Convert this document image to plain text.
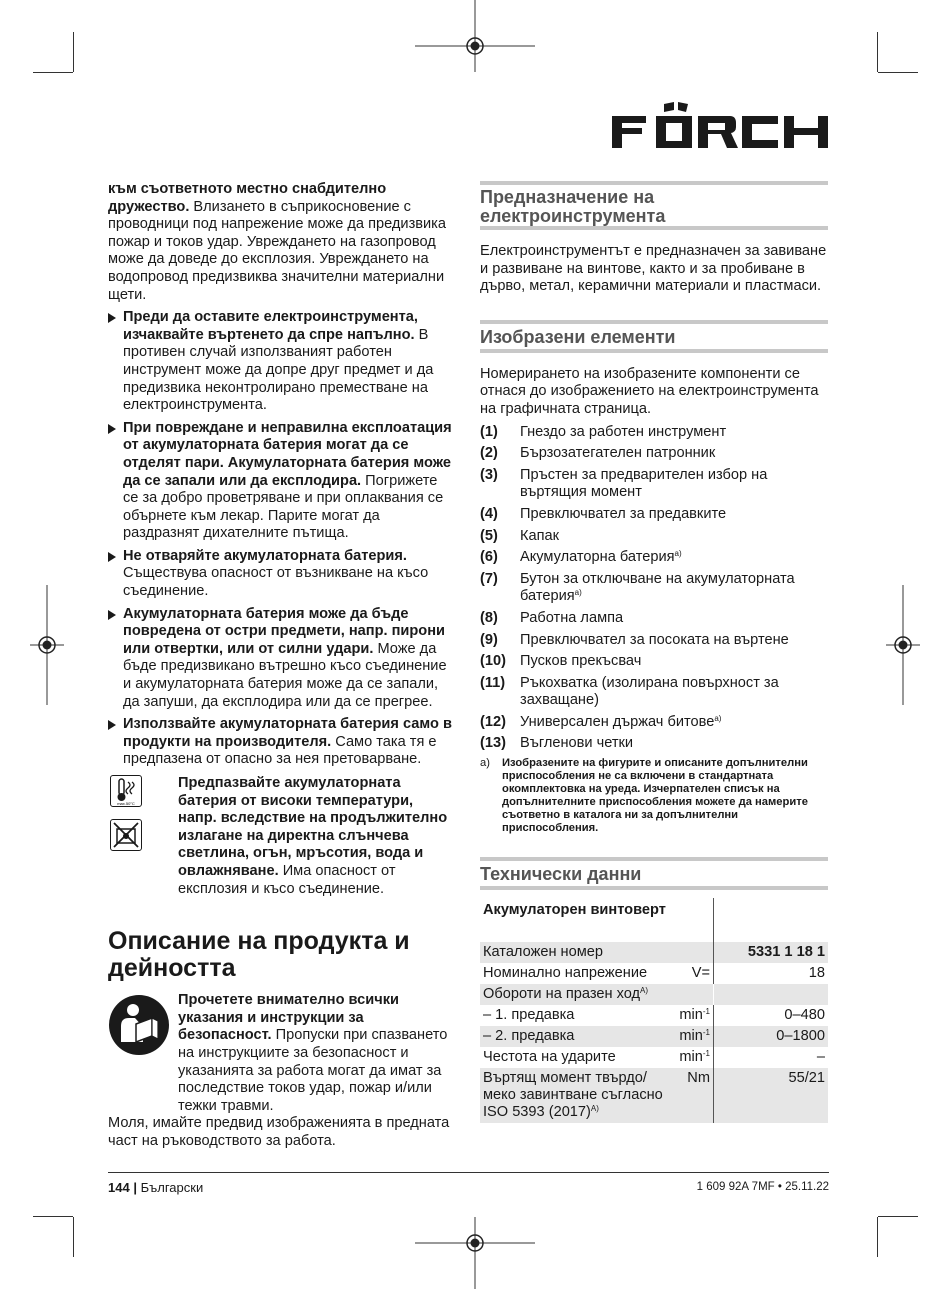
към съответното местно снабдително дружество. Влизането в съприкосновение с проводници под напрежение може да предизвика пожар и токов удар. Увреждането на газопровод може да доведе до експлозия. Увреждането на водопровод предизвиква значителни материални щети.

Преди да оставите електроинструмента, изчаквайте въртенето да спре напълно. В противен случай използваният работен инструмент може да допре друг предмет и да предизвика неконтролирано преместване на електроинструмента.
При повреждане и неправилна експлоатация от акумулаторната батерия могат да се отделят пари. Акумулаторната батерия може да се запали или да експлодира. Погрижете се за добро проветряване и при оплаквания се обърнете към лекар. Парите могат да раздразнят дихателните пътища.
Не отваряйте акумулаторната батерия. Съществува опасност от възникване на късо съединение.
Акумулаторната батерия може да бъде повредена от остри предмети, напр. пирони или отвертки, или от силни удари. Може да бъде предизвикано вътрешно късо съединение и акумулаторната батерия може да се запали, да запуши, да експлодира или да се пpегрее.
Използвайте акумулаторната батерия само в продукти на производителя. Само така тя е предпазена от опасно за нея претоварване.
max.50°C

Предпазвайте акумулаторната батерия от високи температури, напр. вследствие на продължително излагане на директна слънчева светлина, огън, мръсотия, вода и овлажняване. Има опасност от експлозия и късо съединение.
Описание на продукта и дейността
Прочетете внимателно всички указания и инструкции за безопасност. Пропуски при спазването на инструкциите за безопасност и указанията за работа могат да имат за последствие токов удар, пожар и/или тежки травми.

Моля, имайте предвид изображенията в предната част на ръководството за работа.

Предназначение на
електроинструмента

Електроинструментът е предназначен за завиване и развиване на винтове, както и за пробиване в дърво, метал, керамични материали и пластмаси.

Изобразени елементи

Номерирането на изобразените компоненти се отнася до изображението на електроинструмента на графичната страница.

(1)	Гнездо за работен инструмент
(2)	Бързозатегателен патронник
(3)	Пръстен за предварителен избор на въртящия момент
(4)	Превключвател за предавките
(5)	Капак
(6)	Акумулаторна батерия$^{a)}$
(7)	Бутон за отключване на акумулаторната батерия$^{a)}$
(8)	Работна лампа
(9)	Превключвател за посоката на въртене
(10) Пусков прекъсвач
(11)	Ръкохватка (изолирана повърхност за захващане)
(12) Универсален държач битове$^{a)}$
(13) Въгленови четки
a)	Изобразените на фигурите и описаните допълнителни приспособления не са включени в стандартната окомплектовка на уреда. Изчерпателен списък на допълнителните приспособления можете да намерите съответно в каталога ни за допълнителни приспособления.
Технически данни
Акумулаторен винтоверт		
Каталожен номер		5331 1 18 1
Номинално напрежение	V=	18
Обороти на празен ход$^{A)}$		
– 1. предавка	$\min^{-1}$	0–480
– 2. предавка	$\min^{-1}$	0–1800
Честота на ударите	$\min^{-1}$	–
Въртящ момент твърдо/меко завинтване съгласно ISO 5393 $(2017)^{A)}$	Nm	55/21
144 | Български	1 609 92A 7MF • 25.11.22
